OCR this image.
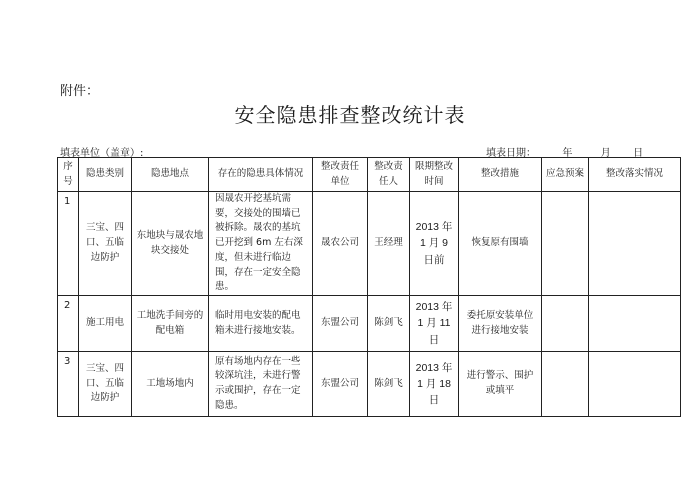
附件：
安全隐患排查整改统计表
填表单位（盖章）:	填表日期：	年	月 日
序号	隐患类别	隐患地点	存在的隐患具体情况	整改责任单位	整改责任人	限期整改时间	整改措施	应急预案	整改落实情况
1	三宝、四口、五临边防护	东地块与晟农地块交接处	因晟农开挖基坑需要，交接处的围墙已被拆除。晟农的基坑已开挖到 6m 左右深度，但未进行临边围，存在一定安全隐患。	晟农公司	王经理	2013 年 1 月 9 日前	恢复原有围墙		
2	施工用电	工地洗手间旁的配电箱	临时用电安装的配电箱未进行接地安装。	东盟公司	陈剑飞	2013 年 1 月 11 日	委托原安装单位进行接地安装		
3	三宝、四口、五临边防护	工地场地内	原有场地内存在一些较深坑洼，未进行警示或围护，存在一定隐患。	东盟公司	陈剑飞	2013 年 1 月 18 日	进行警示、围护或填平		
